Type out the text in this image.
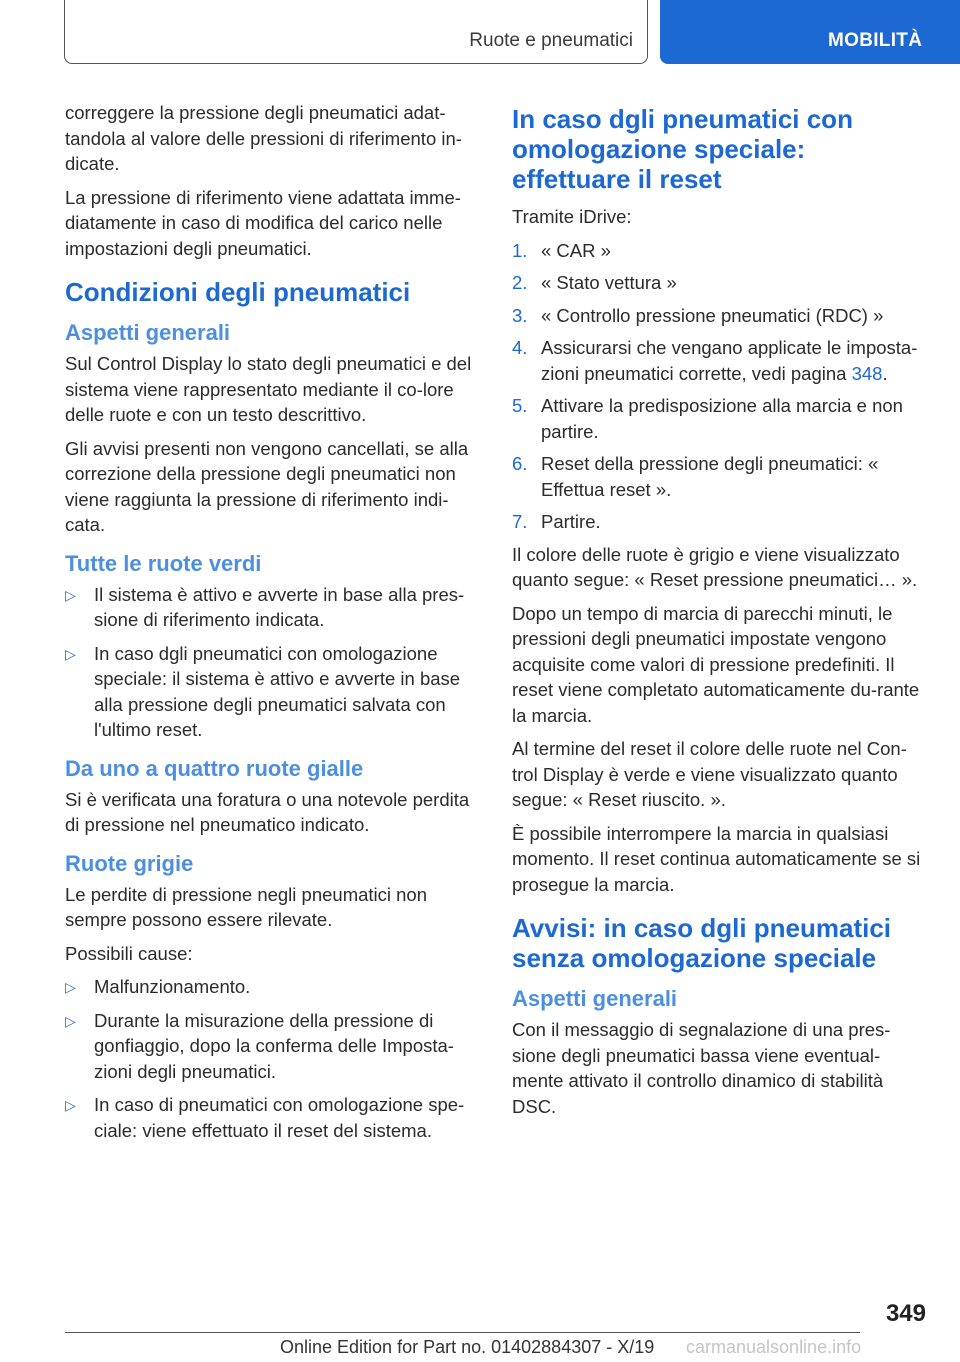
Ruote e pneumatici	MOBILITÀ

correggere la pressione degli pneumatici adat-tandola al valore delle pressioni di riferimento in-dicate.

La pressione di riferimento viene adattata imme-diatamente in caso di modifica del carico nelle impostazioni degli pneumatici.

Condizioni degli pneumatici
Aspetti generali

Sul Control Display lo stato degli pneumatici e del sistema viene rappresentato mediante il co-lore delle ruote e con un testo descrittivo.

Gli avvisi presenti non vengono cancellati, se alla correzione della pressione degli pneumatici non viene raggiunta la pressione di riferimento indi-cata.

Tutte le ruote verdi
▷ Il sistema è attivo e avverte in base alla pres-sione di riferimento indicata.
▷ In caso dgli pneumatici con omologazione speciale: il sistema è attivo e avverte in base alla pressione degli pneumatici salvata con l'ultimo reset.
Da uno a quattro ruote gialle

Si è verificata una foratura o una notevole perdita di pressione nel pneumatico indicato.

Ruote grigie

Le perdite di pressione negli pneumatici non sempre possono essere rilevate.

Possibili cause:

▷ Malfunzionamento.
▷ Durante la misurazione della pressione di gonfiaggio, dopo la conferma delle Imposta-zioni degli pneumatici.
▷ In caso di pneumatici con omologazione spe-ciale: viene effettuato il reset del sistema.
In caso dgli pneumatici con omologazione speciale: effettuare il reset

Tramite iDrive:

1. « CAR »
2. « Stato vettura »
3. « Controllo pressione pneumatici (RDC) »
4. Assicurarsi che vengano applicate le imposta-zioni pneumatici corrette, vedi pagina 348.
5. Attivare la predisposizione alla marcia e non partire.
6. Reset della pressione degli pneumatici: « Effettua reset ».
7. Partire.

Il colore delle ruote è grigio e viene visualizzato quanto segue: « Reset pressione pneumatici… ».

Dopo un tempo di marcia di parecchi minuti, le pressioni degli pneumatici impostate vengono acquisite come valori di pressione predefiniti. Il reset viene completato automaticamente du-rante la marcia.

Al termine del reset il colore delle ruote nel Con-trol Display è verde e viene visualizzato quanto segue: « Reset riuscito. ».

È possibile interrompere la marcia in qualsiasi momento. Il reset continua automaticamente se si prosegue la marcia.

Avvisi: in caso dgli pneumatici senza omologazione speciale
Aspetti generali

Con il messaggio di segnalazione di una pres-sione degli pneumatici bassa viene eventual-mente attivato il controllo dinamico di stabilità DSC.

349
Online Edition for Part no. 01402884307 - X/19 carmanualsonline.info
